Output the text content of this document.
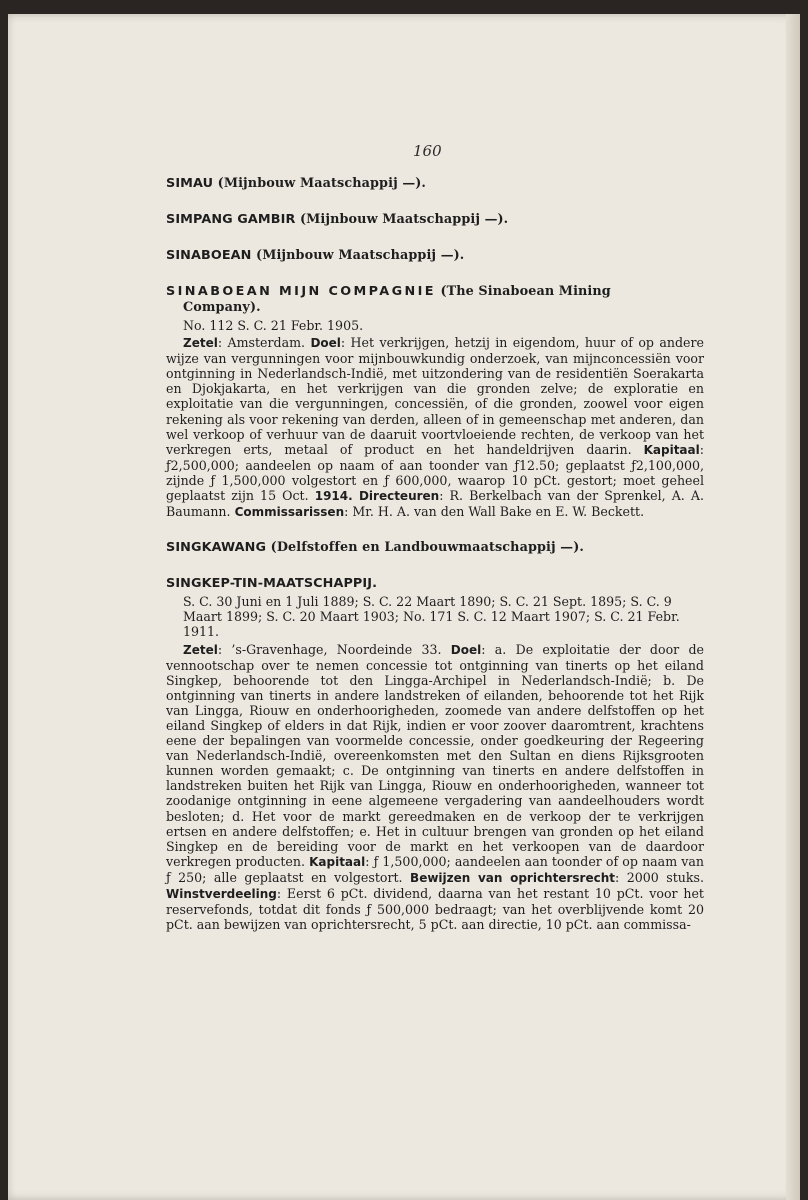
160
SIMAU (Mijnbouw Maatschappij —).
SIMPANG GAMBIR (Mijnbouw Maatschappij —).
SINABOEAN (Mijnbouw Maatschappij —).
SINABOEAN MIJN COMPAGNIE (The Sinaboean Mining
Company).
No. 112 S. C. 21 Febr. 1905.

Zetel: Amsterdam. Doel: Het verkrijgen, hetzij in eigendom, huur of op andere wijze van vergunningen voor mijnbouwkundig onderzoek, van mijnconcessiën voor ontginning in Nederlandsch-Indië, met uitzondering van de residentiën Soerakarta en Djokjakarta, en het verkrijgen van die gronden zelve; de exploratie en exploitatie van die vergunningen, concessiën, of die gronden, zoowel voor eigen rekening als voor rekening van derden, alleen of in gemeenschap met anderen, dan wel verkoop of verhuur van de daaruit voortvloeiende rechten, de verkoop van het verkregen erts, metaal of product en het handeldrijven daarin. Kapitaal: ƒ2,500,000; aandeelen op naam of aan toonder van ƒ12.50; geplaatst ƒ2,100,000, zijnde ƒ 1,500,000 volgestort en ƒ 600,000, waarop 10 pCt. gestort; moet geheel geplaatst zijn 15 Oct. 1914. Directeuren: R. Berkelbach van der Sprenkel, A. A. Baumann. Commissarissen: Mr. H. A. van den Wall Bake en E. W. Beckett.

SINGKAWANG (Delfstoffen en Landbouwmaatschappij —).
SINGKEP-TIN-MAATSCHAPPIJ.
S. C. 30 Juni en 1 Juli 1889; S. C. 22 Maart 1890; S. C. 21 Sept. 1895; S. C. 9 Maart 1899; S. C. 20 Maart 1903; No. 171 S. C. 12 Maart 1907; S. C. 21 Febr. 1911.

Zetel: ’s-Gravenhage, Noordeinde 33. Doel: a. De exploitatie der door de vennootschap over te nemen concessie tot ontginning van tinerts op het eiland Singkep, behoorende tot den Lingga-Archipel in Nederlandsch-Indië; b. De ontginning van tinerts in andere landstreken of eilanden, behoorende tot het Rijk van Lingga, Riouw en onderhoorigheden, zoomede van andere delfstoffen op het eiland Singkep of elders in dat Rijk, indien er voor zoover daaromtrent, krachtens eene der bepalingen van voormelde concessie, onder goedkeuring der Regeering van Nederlandsch-Indië, overeenkomsten met den Sultan en diens Rijksgrooten kunnen worden gemaakt; c. De ontginning van tinerts en andere delfstoffen in landstreken buiten het Rijk van Lingga, Riouw en onderhoorigheden, wanneer tot zoodanige ontginning in eene algemeene vergadering van aandeelhouders wordt besloten; d. Het voor de markt gereedmaken en de verkoop der te verkrijgen ertsen en andere delfstoffen; e. Het in cultuur brengen van gronden op het eiland Singkep en de bereiding voor de markt en het verkoopen van de daardoor verkregen producten. Kapitaal: ƒ 1,500,000; aandeelen aan toonder of op naam van ƒ 250; alle geplaatst en volgestort. Bewijzen van oprichtersrecht: 2000 stuks. Winstverdeeling: Eerst 6 pCt. dividend, daarna van het restant 10 pCt. voor het reservefonds, totdat dit fonds ƒ 500,000 bedraagt; van het overblijvende komt 20 pCt. aan bewijzen van oprichtersrecht, 5 pCt. aan directie, 10 pCt. aan commissa-
